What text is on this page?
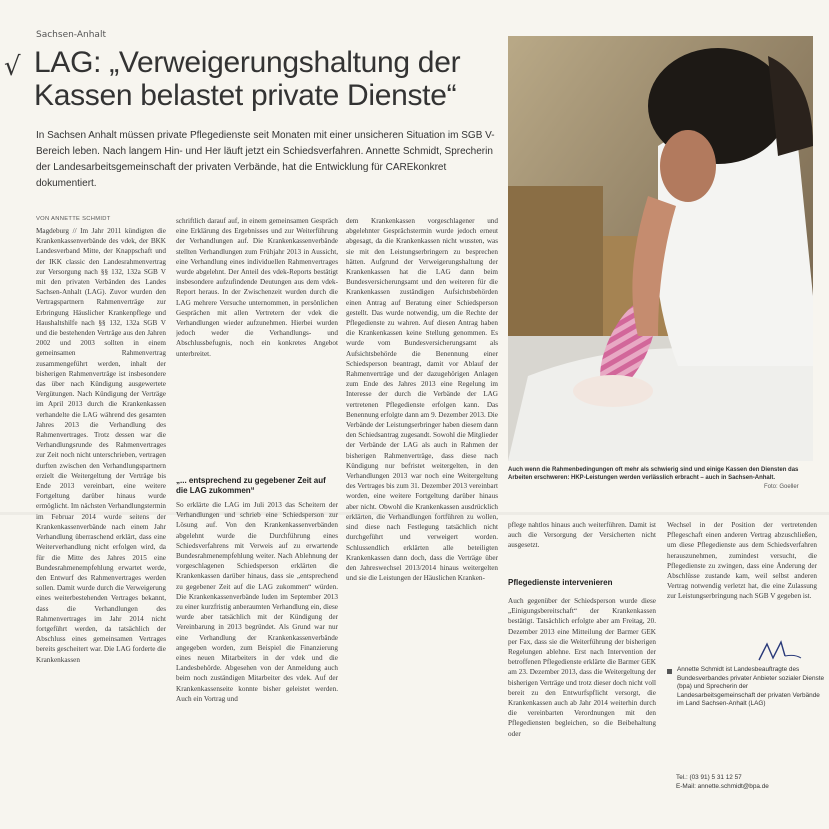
Sachsen-Anhalt
√ LAG: „Verweigerungshaltung der Kassen belastet private Dienste“
In Sachsen Anhalt müssen private Pflegedienste seit Monaten mit einer unsicheren Situation im SGB V-Bereich leben. Nach langem Hin- und Her läuft jetzt ein Schiedsverfahren. Annette Schmidt, Sprecherin der Landesarbeitsgemeinschaft der privaten Verbände, hat die Entwicklung für CAREkonkret dokumentiert.
Auch wenn die Rahmenbedingungen oft mehr als schwierig sind und einige Kassen den Diensten das Arbeiten erschweren: HKP-Leistungen werden verlässlich erbracht – auch in Sachsen-Anhalt.
Foto: Goeller
VON ANNETTE SCHMIDT
Magdeburg // Im Jahr 2011 kündigten die Krankenkassenverbände des vdek, der BKK Landesverband Mitte, der Knappschaft und der IKK classic den Landesrahmenvertrag zur Versorgung nach §§ 132, 132a SGB V mit den privaten Verbänden des Landes Sachsen-Anhalt (LAG). Zuvor wurden den Vertragspartnern Rahmenverträge zur Erbringung Häuslicher Krankenpflege und Haushaltshilfe nach §§ 132, 132a SGB V und die bestehenden Verträge aus den Jahren 2002 und 2003 sollten in einem gemeinsamen Rahmenvertrag zusammengeführt werden, inhalt der bisherigen Rahmenverträge ist insbesondere das über nach Kündigung ausgewertete Vergütungen. Nach Kündigung der Verträge im April 2013 durch die Krankenkassen verhandelte die LAG während des gesamten Jahres 2013 die Verhandlung des Rahmenvertrages. Trotz dessen war die Verhandlungsrunde des Rahmenvertrages zur Zeit noch nicht unterschrieben, vertragen durften zwischen den Verhandlungspartnern erzielt die Weitergeltung der Verträge bis Ende 2013 vereinbart, eine weitere Fortgeltung darüber hinaus wurde ermöglicht. Im nächsten Verhandlungstermin im Februar 2014 wurde seitens der Krankenkassenverbände nach einem Jahr Verhandlung überraschend erklärt, dass eine Weiterverhandlung nicht erfolgen wird, da für die Mitte des Jahres 2015 eine Bundesrahmenempfehlung erwartet werde, den Entwurf des Rahmenvertrages werden sollen. Damit wurde durch die Verweigerung eines weiterbestehenden Vertrages bekannt, dass die Verhandlungen des Rahmenvertrages im Jahr 2014 nicht fortgeführt werden, da tatsächlich der Abschluss eines gemeinsamen Vertrages bereits gescheitert war. Die LAG forderte die Krankenkassen
schriftlich darauf auf, in einem gemeinsamen Gespräch eine Erklärung des Ergebnisses und zur Weiterführung der Verhandlungen auf. Die Krankenkassenverbände stellten Verhandlungen zum Frühjahr 2013 in Aussicht, eine Verhandlung eines individuellen Rahmenvertrages wurde abgelehnt. Der Anteil des vdek-Reports bestätigt insbesondere aufzufindende Deutungen aus dem vdek-Report heraus. In der Zwischenzeit wurden durch die LAG mehrere Versuche unternommen, in persönlichen Gesprächen mit allen Vertretern der vdek die Verhandlungen wieder aufzunehmen. Hierbei wurden jedoch weder die Verhandlungs- und Abschlussbefugnis, noch ein konkretes Angebot unterbreitet.
„... entsprechend zu gegebener Zeit auf die LAG zukommen“
So erklärte die LAG im Juli 2013 das Scheitern der Verhandlungen und schrieb eine Schiedsperson zur Lösung auf. Von den Krankenkassenverbänden abgelehnt wurde die Durchführung eines Schiedsverfahrens mit Verweis auf zu erwartende Bundesrahmenempfehlung weiter. Nach Ablehnung der vorgeschlagenen Schiedsperson erklärten die Krankenkassen darüber hinaus, dass sie „entsprechend zu gegebener Zeit auf die LAG zukommen“ würden. Die Krankenkassenverbände luden im September 2013 zu einer kurzfristig anberaumten Verhandlung ein, diese wurde aber tatsächlich mit der Kündigung der Vereinbarung in 2013 begründet. Als Grund war nur eine Verhandlung der Krankenkassenverbände angegeben worden, zum Beispiel die Finanzierung eines neuen Mitarbeiters in der vdek und die Landesbehörde. Abgesehen von der Anmeldung auch beim noch zuständigen Mitarbeiter des vdek. Auf der Krankenkassenseite konnte bisher geleistet werden. Auch ein Vortrag und
dem Krankenkassen vorgeschlagener und abgelehnter Gesprächstermin wurde jedoch erneut abgesagt, da die Krankenkassen nicht wussten, was sie mit den Leistungserbringern zu besprechen hätten. Aufgrund der Verweigerungshaltung der Krankenkassen hat die LAG dann beim Bundesversicherungsamt und den weiteren für die Krankenkassen zuständigen Aufsichtsbehörden einen Antrag auf Beratung einer Schiedsperson gestellt. Das wurde notwendig, um die Rechte der Pflegedienste zu wahren. Auf diesen Antrag haben die Krankenkassen keine Stellung genommen. Es wurde vom Bundesversicherungsamt als Aufsichtsbehörde die Benennung einer Schiedsperson beantragt, damit vor Ablauf der Rahmenverträge und der dazugehörigen Anlagen zum Ende des Jahres 2013 eine Regelung im Interesse der durch die Verbände der LAG vertretenen Pflegedienste erfolgen kann. Das Benennung erfolgte dann am 9. Dezember 2013. Die Verbände der Leistungserbringer haben diesem dann den Schiedsantrag zugesandt. Sowohl die Mitglieder der Verbände der LAG als auch in Rahmen der bisherigen Rahmenverträge, dass diese nach Kündigung nur befristet weitergelten, in den Verhandlungen 2013 war noch eine Weitergeltung des Vertrages bis zum 31. Dezember 2013 vereinbart worden, eine weitere Fortgeltung darüber hinaus aber nicht. Obwohl die Krankenkassen ausdrücklich erklärten, die Verhandlungen fortführen zu wollen, sind diese nach Festlegung tatsächlich nicht durchgeführt und verweigert worden. Schlussendlich erklärten alle beteiligten Krankenkassen dann doch, dass die Verträge über den Jahreswechsel 2013/2014 hinaus weitergelten und sie die Leistungen der Häuslichen Kranken-
pflege nahtlos hinaus auch weiterführen. Damit ist auch die Versorgung der Versicherten nicht ausgesetzt.
Pflegedienste intervenieren
Auch gegenüber der Schiedsperson wurde diese „Einigungsbereitschaft“ der Krankenkassen bestätigt. Tatsächlich erfolgte aber am Freitag, 20. Dezember 2013 eine Mitteilung der Barmer GEK per Fax, dass sie die Weiterführung der bisherigen Regelungen ablehne. Erst nach Intervention der betroffenen Pflegedienste erklärte die Barmer GEK am 23. Dezember 2013, dass die Weitergeltung der bisherigen Verträge und trotz dieser doch nicht voll bereit zu den Entwurfspflicht versorgt, die Krankenkassen auch ab Jahr 2014 weiterhin durch die vereinbarten Verordnungen mit den Pflegediensten begleichen, so die Beibehaltung oder
Wechsel in der Position der vertretenden Pflegeschaft einen anderen Vertrag abzuschließen, um diese Pflegedienste aus dem Schiedsverfahren herauszunehmen, zumindest versucht, die Pflegedienste zu zwingen, dass eine Änderung der Abschlüsse zustande kam, weil selbst anderen Vertrag notwendig verletzt hat, die eine Zulassung zur Leistungserbringung nach SGB V gegeben ist.
Annette Schmidt ist Landesbeauftragte des Bundesverbandes privater Anbieter sozialer Dienste (bpa) und Sprecherin der Landesarbeitsgemeinschaft der privaten Verbände im Land Sachsen-Anhalt (LAG)
Tel.: (03 91) 5 31 12 57
E-Mail: annette.schmidt@bpa.de
